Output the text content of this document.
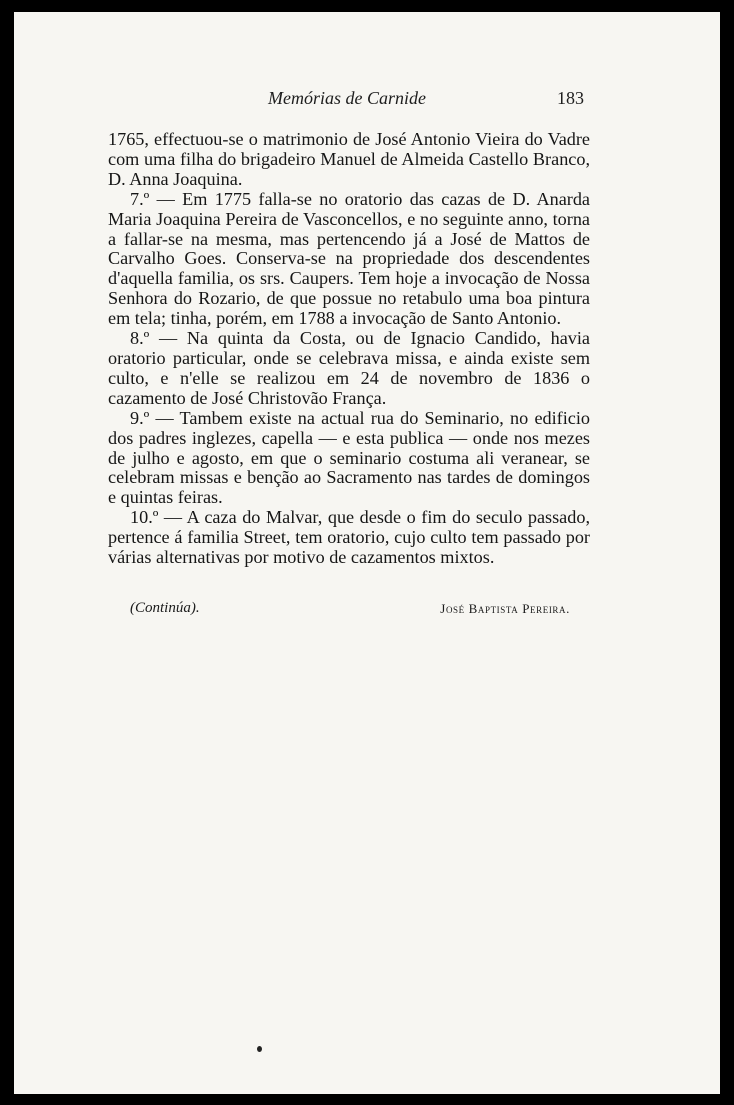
Memórias de Carnide	183

1765, effectuou-se o matrimonio de José Antonio Vieira do Vadre com uma filha do brigadeiro Manuel de Almeida Castello Branco, D. Anna Joaquina.

7.º — Em 1775 falla-se no oratorio das cazas de D. Anarda Maria Joaquina Pereira de Vasconcellos, e no seguinte anno, torna a fallar-se na mesma, mas pertencendo já a José de Mattos de Carvalho Goes. Conserva-se na propriedade dos descendentes d'aquella familia, os srs. Caupers. Tem hoje a invocação de Nossa Senhora do Rozario, de que possue no retabulo uma boa pintura em tela; tinha, porém, em 1788 a invocação de Santo Antonio.

8.º — Na quinta da Costa, ou de Ignacio Candido, havia oratorio particular, onde se celebrava missa, e ainda existe sem culto, e n'elle se realizou em 24 de novembro de 1836 o cazamento de José Christovão França.

9.º — Tambem existe na actual rua do Seminario, no edificio dos padres inglezes, capella — e esta publica — onde nos mezes de julho e agosto, em que o seminario costuma ali veranear, se celebram missas e benção ao Sacramento nas tardes de domingos e quintas feiras.

10.º — A caza do Malvar, que desde o fim do seculo passado, pertence á familia Street, tem oratorio, cujo culto tem passado por várias alternativas por motivo de cazamentos mixtos.

(Continúa).	José Baptista Pereira.
